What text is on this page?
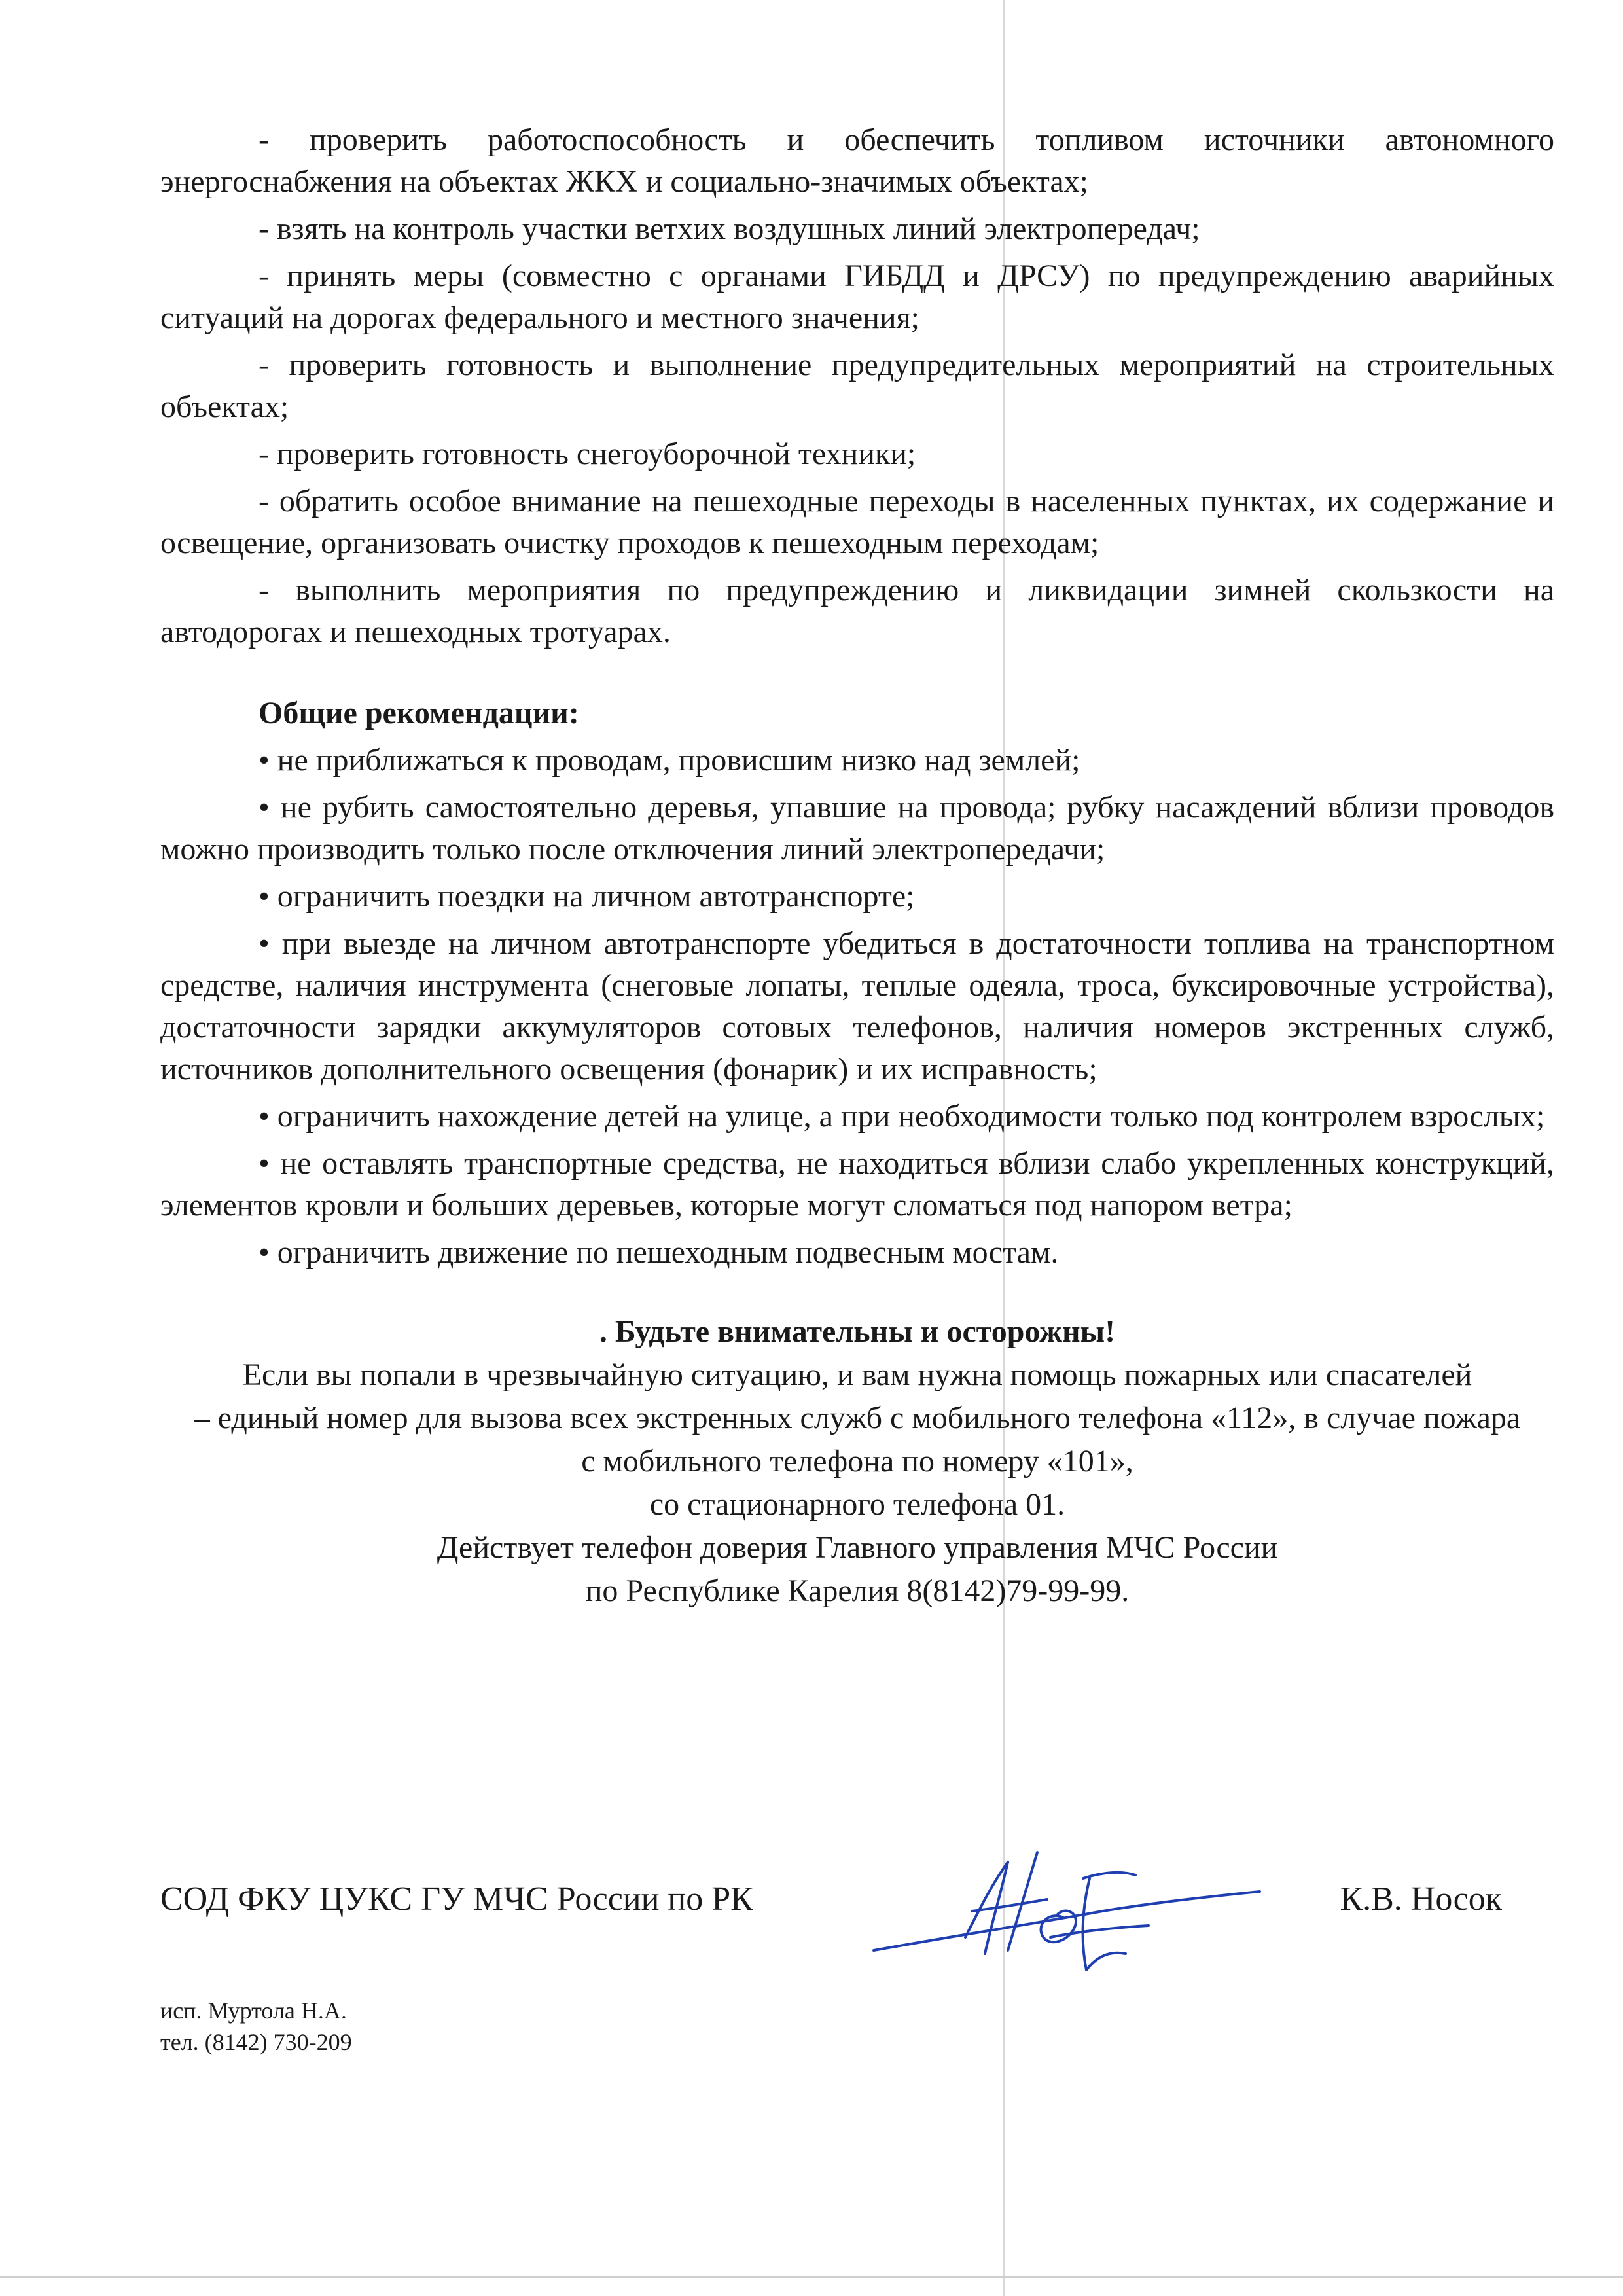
- проверить работоспособность и обеспечить топливом источники автономного энергоснабжения на объектах ЖКХ и социально-значимых объектах;

- взять на контроль участки ветхих воздушных линий электропередач;

- принять меры (совместно с органами ГИБДД и ДРСУ) по предупреждению аварийных ситуаций на дорогах федерального и местного значения;

- проверить готовность и выполнение предупредительных мероприятий на строительных объектах;

- проверить готовность снегоуборочной техники;

- обратить особое внимание на пешеходные переходы в населенных пунктах, их содержание и освещение, организовать очистку проходов к пешеходным переходам;

- выполнить мероприятия по предупреждению и ликвидации зимней скользкости на автодорогах и пешеходных тротуарах.

Общие рекомендации:

• не приближаться к проводам, провисшим низко над землей;

• не рубить самостоятельно деревья, упавшие на провода; рубку насаждений вблизи проводов можно производить только после отключения линий электропередачи;

• ограничить поездки на личном автотранспорте;

• при выезде на личном автотранспорте убедиться в достаточности топлива на транспортном средстве, наличия инструмента (снеговые лопаты, теплые одеяла, троса, буксировочные устройства), достаточности зарядки аккумуляторов сотовых телефонов, наличия номеров экстренных служб, источников дополнительного освещения (фонарик) и их исправность;

• ограничить нахождение детей на улице, а при необходимости только под контролем взрослых;

• не оставлять транспортные средства, не находиться вблизи слабо укрепленных конструкций, элементов кровли и больших деревьев, которые могут сломаться под напором ветра;

• ограничить движение по пешеходным подвесным мостам.

. Будьте внимательны и осторожны!

Если вы попали в чрезвычайную ситуацию, и вам нужна помощь пожарных или спасателей

– единый номер для вызова всех экстренных служб с мобильного телефона «112», в случае пожара

с мобильного телефона по номеру «101»,

со стационарного телефона 01.

Действует телефон доверия Главного управления МЧС России

по Республике Карелия 8(8142)79-99-99.

СОД ФКУ ЦУКС ГУ МЧС России по РК	К.В. Носок
исп. Муртола Н.А.
тел. (8142) 730-209
